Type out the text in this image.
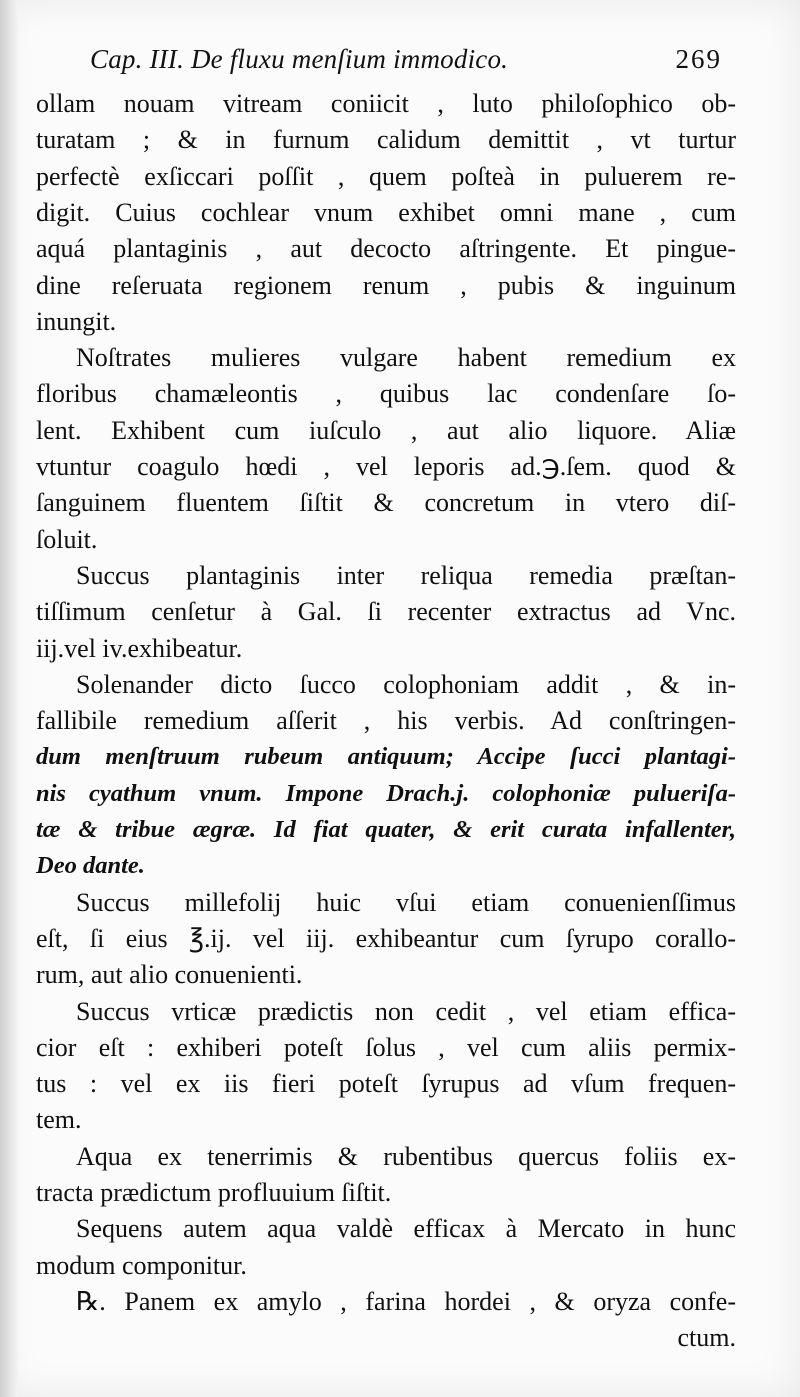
Cap. III. De fluxu menſium immodico.	269
ollam nouam vitream coniicit , luto philoſophico ob-
turatam ; & in furnum calidum demittit , vt turtur
perfectè exſiccari poſſit , quem poſteà in puluerem re-
digit. Cuius cochlear vnum exhibet omni mane , cum
aquá plantaginis , aut decocto aſtringente. Et pingue-
dine reſeruata regionem renum , pubis & inguinum
inungit.
Noſtrates mulieres vulgare habent remedium ex
floribus chamæleontis , quibus lac condenſare ſo-
lent. Exhibent cum iuſculo , aut alio liquore. Aliæ
vtuntur coagulo hœdi , vel leporis ad.℈.ſem. quod &
ſanguinem fluentem ſiſtit & concretum in vtero diſ-
ſoluit.
Succus plantaginis inter reliqua remedia præſtan-
tiſſimum cenſetur à Gal. ſi recenter extractus ad Vnc.
iij.vel iv.exhibeatur.
Solenander dicto ſucco colophoniam addit , & in-
fallibile remedium aſſerit , his verbis. Ad conſtringen-
dum menſtruum rubeum antiquum; Accipe ſucci plantagi-
nis cyathum vnum. Impone Drach.j. colophoniæ pulueriſa-
tæ & tribue ægræ. Id fiat quater, & erit curata infallenter,
Deo dante.
Succus millefolij huic vſui etiam conuenienſſimus
eſt, ſi eius ℥.ij. vel iij. exhibeantur cum ſyrupo corallo-
rum, aut alio conuenienti.
Succus vrticæ prædictis non cedit , vel etiam effica-
cior eſt : exhiberi poteſt ſolus , vel cum aliis permix-
tus : vel ex iis fieri poteſt ſyrupus ad vſum frequen-
tem.
Aqua ex tenerrimis & rubentibus quercus foliis ex-
tracta prædictum profluuium ſiſtit.
Sequens autem aqua valdè efficax à Mercato in hunc
modum componitur.
℞. Panem ex amylo , farina hordei , & oryza confe-
ctum.
